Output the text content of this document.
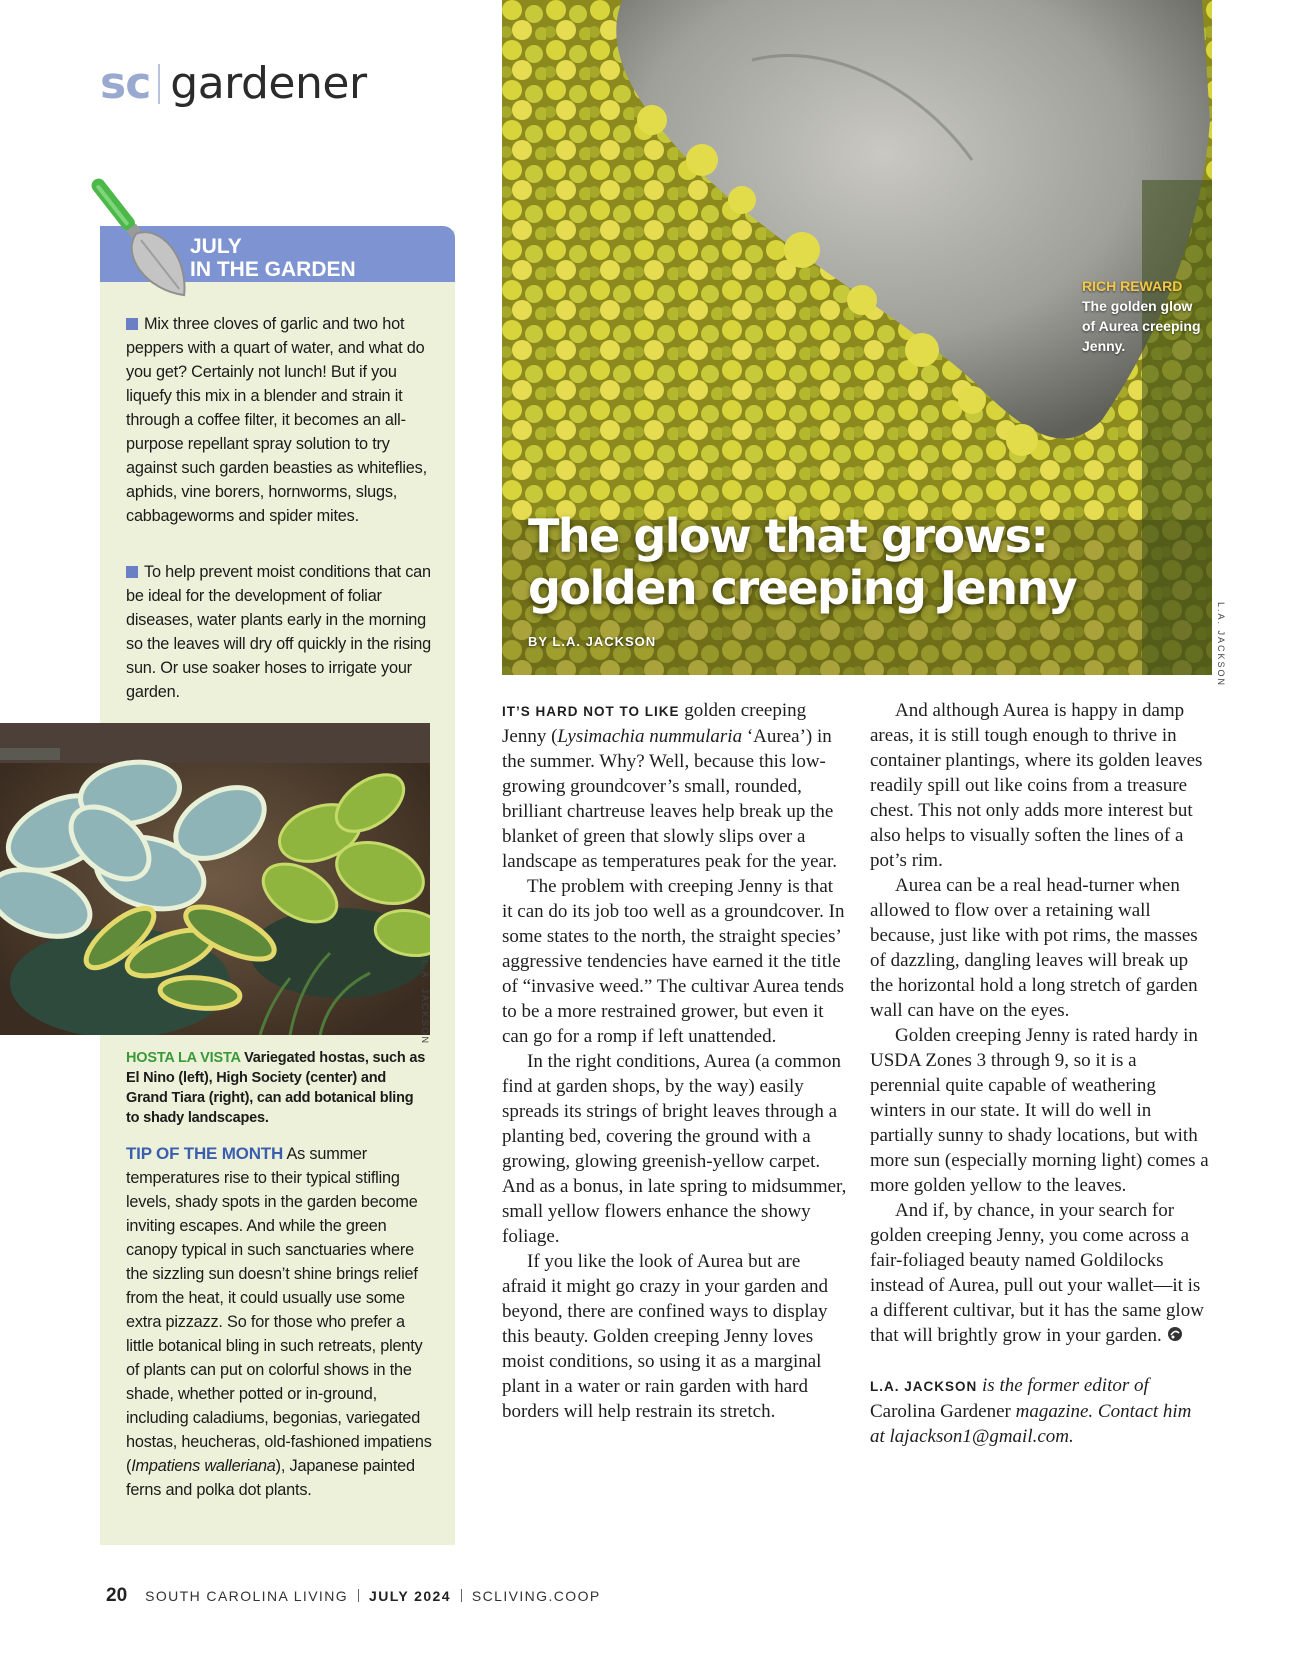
sc gardener
JULY
IN THE GARDEN
Mix three cloves of garlic and two hot peppers with a quart of water, and what do you get? Certainly not lunch! But if you liquefy this mix in a blender and strain it through a coffee filter, it becomes an all-purpose repellant spray solution to try against such garden beasties as whiteflies, aphids, vine borers, hornworms, slugs, cabbageworms and spider mites.
To help prevent moist conditions that can be ideal for the development of foliar diseases, water plants early in the morning so the leaves will dry off quickly in the rising sun. Or use soaker hoses to irrigate your garden.
L.A. JACKSON
HOSTA LA VISTA Variegated hostas, such as El Nino (left), High Society (center) and Grand Tiara (right), can add botanical bling to shady landscapes.
TIP OF THE MONTH As summer temperatures rise to their typical stifling levels, shady spots in the garden become inviting escapes. And while the green canopy typical in such sanctuaries where the sizzling sun doesn’t shine brings relief from the heat, it could usually use some extra pizzazz. So for those who prefer a little botanical bling in such retreats, plenty of plants can put on colorful shows in the shade, whether potted or in-ground, including caladiums, begonias, variegated hostas, heucheras, old-fashioned impatiens (Impatiens walleriana), Japanese painted ferns and polka dot plants.
RICH REWARD
The golden glow of Aurea creeping Jenny.
L.A. JACKSON
The glow that grows:
golden creeping Jenny
BY L.A. JACKSON

IT’S HARD NOT TO LIKE golden creeping Jenny (Lysimachia nummularia ‘Aurea’) in the summer. Why? Well, because this low-growing groundcover’s small, rounded, brilliant chartreuse leaves help break up the blanket of green that slowly slips over a landscape as temperatures peak for the year.

The problem with creeping Jenny is that it can do its job too well as a groundcover. In some states to the north, the straight species’ aggressive tendencies have earned it the title of “invasive weed.” The cultivar Aurea tends to be a more restrained grower, but even it can go for a romp if left unattended.

In the right conditions, Aurea (a common find at garden shops, by the way) easily spreads its strings of bright leaves through a planting bed, covering the ground with a growing, glowing greenish-yellow carpet. And as a bonus, in late spring to midsummer, small yellow flowers enhance the showy foliage.

If you like the look of Aurea but are afraid it might go crazy in your garden and beyond, there are confined ways to display this beauty. Golden creeping Jenny loves moist conditions, so using it as a marginal plant in a water or rain garden with hard borders will help restrain its stretch.

And although Aurea is happy in damp areas, it is still tough enough to thrive in container plantings, where its golden leaves readily spill out like coins from a treasure chest. This not only adds more interest but also helps to visually soften the lines of a pot’s rim.

Aurea can be a real head-turner when allowed to flow over a retaining wall because, just like with pot rims, the masses of dazzling, dangling leaves will break up the horizontal hold a long stretch of garden wall can have on the eyes.

Golden creeping Jenny is rated hardy in USDA Zones 3 through 9, so it is a perennial quite capable of weathering winters in our state. It will do well in partially sunny to shady locations, but with more sun (especially morning light) comes a more golden yellow to the leaves.

And if, by chance, in your search for golden creeping Jenny, you come across a fair-foliaged beauty named Goldilocks instead of Aurea, pull out your wallet—it is a different cultivar, but it has the same glow that will brightly grow in your garden.

L.A. JACKSON is the former editor of Carolina Gardener magazine. Contact him at lajackson1@gmail.com.

20 SOUTH CAROLINA LIVING JULY 2024 SCLIVING.COOP
